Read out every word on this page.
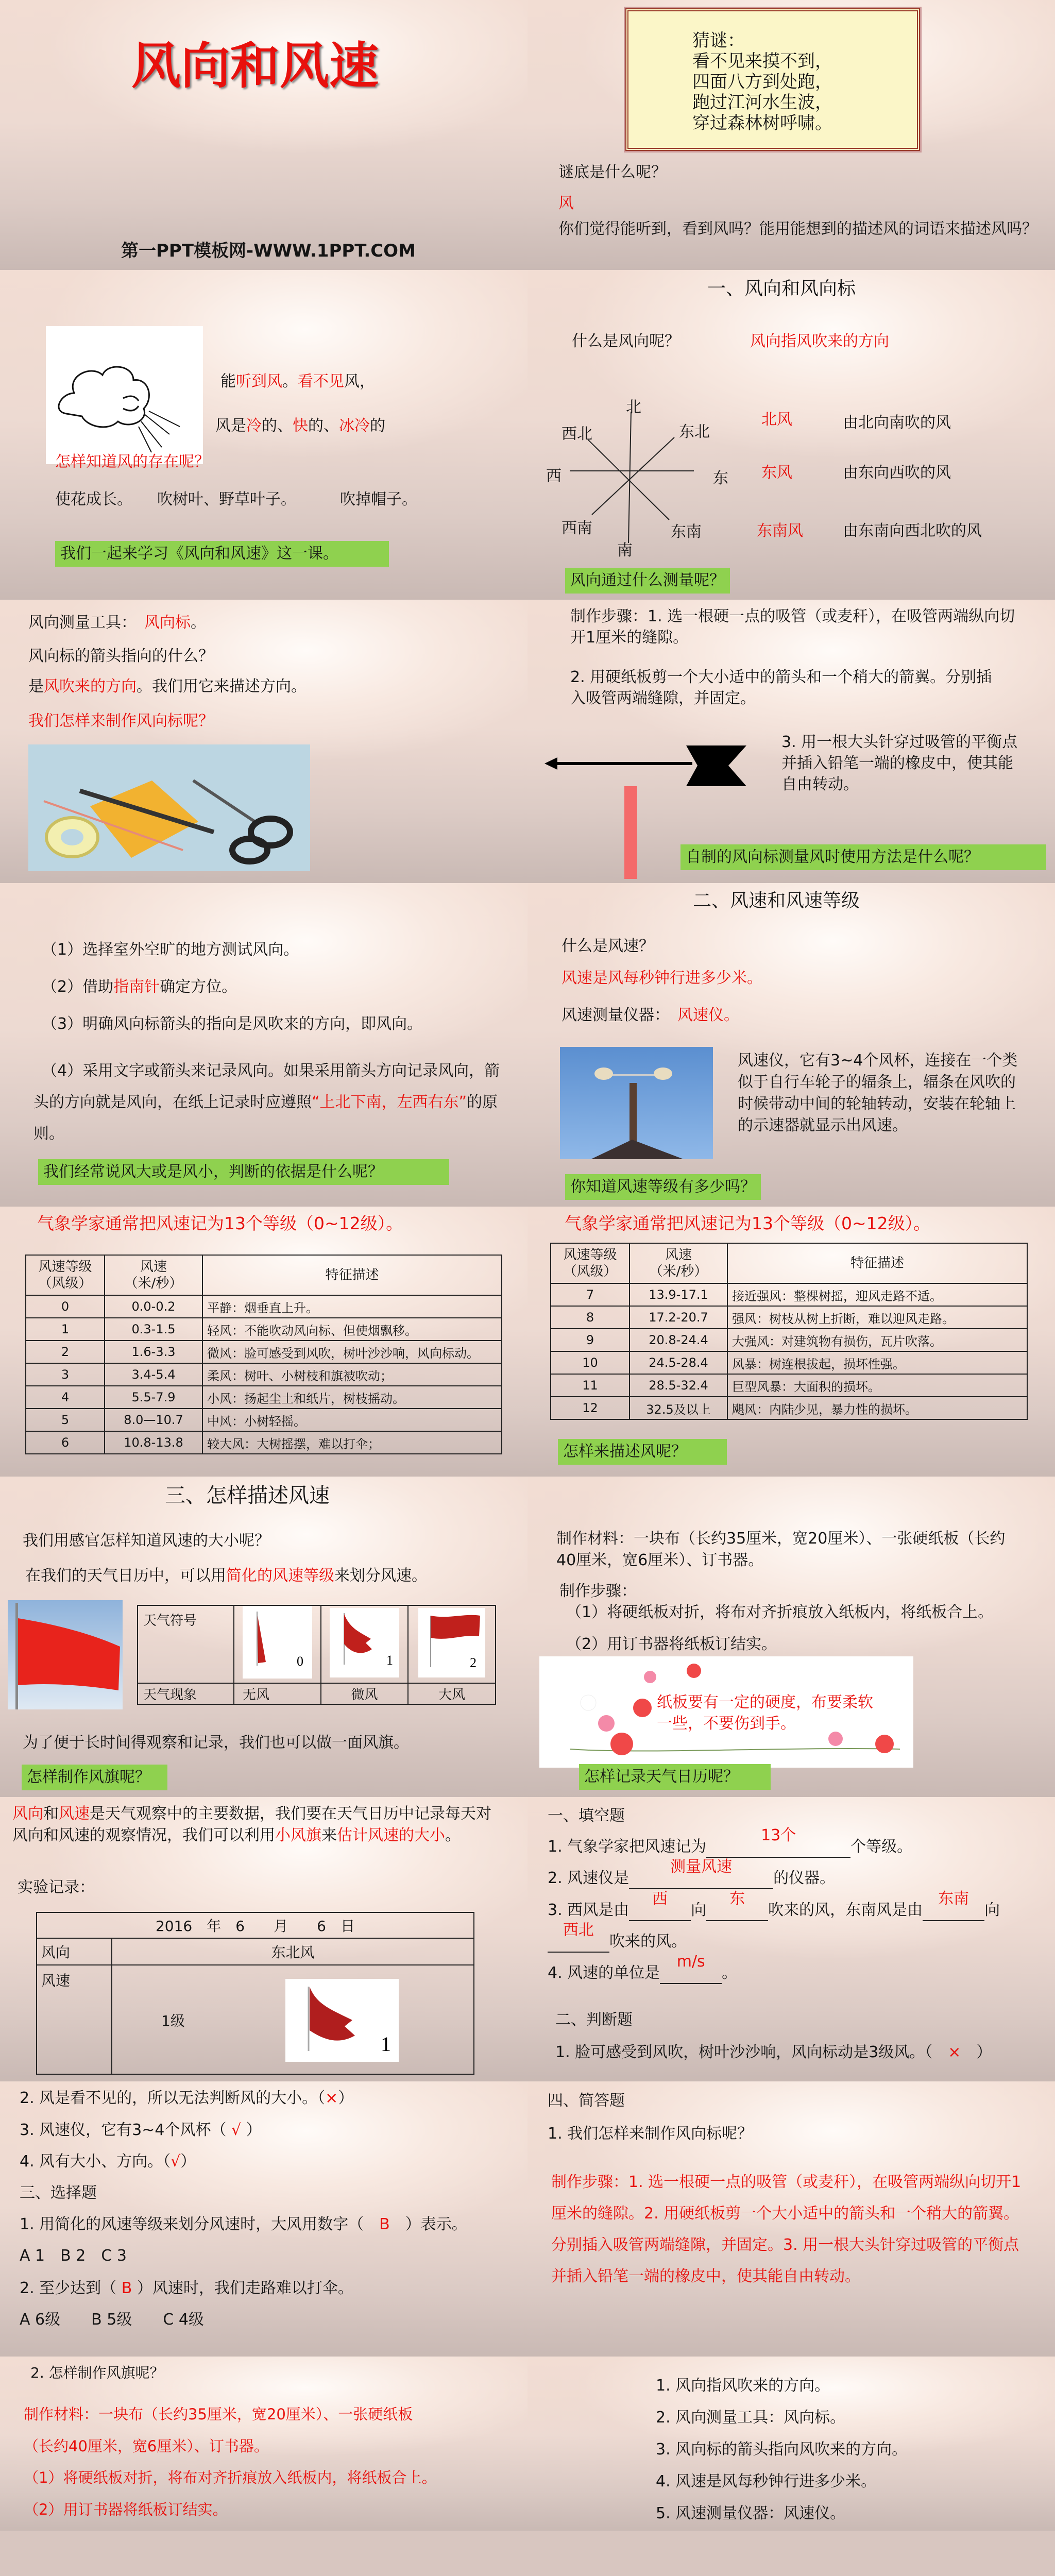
风向和风速
第一PPT模板网-WWW.1PPT.COM
猜谜：
看不见来摸不到，
四面八方到处跑，
跑过江河水生波，
穿过森林树呼啸。
谜底是什么呢？
风
你们觉得能听到，看到风吗？能用能想到的描述风的词语来描述风吗？
能听到风。看不见风，
风是冷的、快的、冰冷的
怎样知道风的存在呢？
使花成长。 吹树叶、野草叶子。	吹掉帽子。
我们一起来学习《风向和风速》这一课。
一、风向和风向标
什么是风向呢？	风向指风吹来的方向
北
西北	东北
西	东
西南	东南
南
北风	由北向南吹的风
东风	由东向西吹的风
东南风	由东南向西北吹的风
风向通过什么测量呢？
风向测量工具：　风向标。
风向标的箭头指向的什么？
是风吹来的方向。我们用它来描述方向。
我们怎样来制作风向标呢？
制作步骤：1. 选一根硬一点的吸管（或麦秆），在吸管两端纵向切开1厘米的缝隙。
2. 用硬纸板剪一个大小适中的箭头和一个稍大的箭翼。分别插入吸管两端缝隙，并固定。
3. 用一根大头针穿过吸管的平衡点并插入铅笔一端的橡皮中，使其能自由转动。
自制的风向标测量风时使用方法是什么呢？
（1）选择室外空旷的地方测试风向。
（2）借助指南针确定方位。
（3）明确风向标箭头的指向是风吹来的方向，即风向。
（4）采用文字或箭头来记录风向。如果采用箭头方向记录风向，箭头的方向就是风向，在纸上记录时应遵照“上北下南，左西右东”的原则。
我们经常说风大或是风小，判断的依据是什么呢？
二、风速和风速等级
什么是风速？
风速是风每秒钟行进多少米。
风速测量仪器：　风速仪。
风速仪，它有3~4个风杯，连接在一个类似于自行车轮子的辐条上，辐条在风吹的时候带动中间的轮轴转动，安装在轮轴上的示速器就显示出风速。
你知道风速等级有多少吗？
气象学家通常把风速记为13个等级（0~12级）。
风速等级
（风级）	风速
（米/秒）	特征描述
0	0.0-0.2	平静：烟垂直上升。
1	0.3-1.5	轻风：不能吹动风向标、但使烟飘移。
2	1.6-3.3	微风：脸可感受到风吹，树叶沙沙响，风向标动。
3	3.4-5.4	柔风：树叶、小树枝和旗被吹动；
4	5.5-7.9	小风：扬起尘土和纸片，树枝摇动。
5	8.0—10.7	中风：小树轻摇。
6	10.8-13.8	较大风：大树摇摆，难以打伞；
气象学家通常把风速记为13个等级（0~12级）。
风速等级
（风级）	风速
（米/秒）	特征描述
7	13.9-17.1	接近强风：整棵树摇，迎风走路不适。
8	17.2-20.7	强风：树枝从树上折断，难以迎风走路。
9	20.8-24.4	大强风：对建筑物有损伤，瓦片吹落。
10	24.5-28.4	风暴：树连根拔起，损坏性强。
11	28.5-32.4	巨型风暴：大面积的损坏。
12	32.5及以上	飓风：内陆少见，暴力性的损坏。
怎样来描述风呢？
三、怎样描述风速
我们用感官怎样知道风速的大小呢？
在我们的天气日历中，可以用简化的风速等级来划分风速。
天气符号	0	1	2

天气现象	无风	微风	大风
为了便于长时间得观察和记录，我们也可以做一面风旗。
怎样制作风旗呢？
制作材料：一块布（长约35厘米，宽20厘米）、一张硬纸板（长约40厘米，宽6厘米）、订书器。
制作步骤：
（1）将硬纸板对折，将布对齐折痕放入纸板内，将纸板合上。
（2）用订书器将纸板订结实。
纸板要有一定的硬度，布要柔软一些，不要伤到手。
怎样记录天气日历呢？
风向和风速是天气观察中的主要数据，我们要在天气日历中记录每天对风向和风速的观察情况，我们可以利用小风旗来估计风速的大小。
实验记录：
2016　 年　 6　　 月　　 6　 日	
风向	东北风
风速	1级
1
一、填空题
1. 气象学家把风速记为13个个等级。
2. 风速仪是测量风速的仪器。
3. 西风是由西向东吹来的风，东南风是由东南向
西北吹来的风。
4. 风速的单位是m/s。
二、判断题
1. 脸可感受到风吹，树叶沙沙响，风向标动是3级风。（　×　）
2. 风是看不见的，所以无法判断风的大小。（×）
3. 风速仪，它有3~4个风杯（ √ ）
4. 风有大小、方向。（√）
三、选择题
1. 用简化的风速等级来划分风速时，大风用数字（　B　）表示。
A 1　B 2　C 3
2. 至少达到（ B ）风速时，我们走路难以打伞。
A 6级　　B 5级　　C 4级
四、简答题
1. 我们怎样来制作风向标呢？
制作步骤：1. 选一根硬一点的吸管（或麦秆），在吸管两端纵向切开1厘米的缝隙。2. 用硬纸板剪一个大小适中的箭头和一个稍大的箭翼。分别插入吸管两端缝隙，并固定。3. 用一根大头针穿过吸管的平衡点并插入铅笔一端的橡皮中，使其能自由转动。
2. 怎样制作风旗呢？
制作材料：一块布（长约35厘米，宽20厘米）、一张硬纸板
（长约40厘米，宽6厘米）、订书器。
（1）将硬纸板对折，将布对齐折痕放入纸板内，将纸板合上。
（2）用订书器将纸板订结实。
1. 风向指风吹来的方向。
2. 风向测量工具：风向标。
3. 风向标的箭头指向风吹来的方向。
4. 风速是风每秒钟行进多少米。
5. 风速测量仪器：风速仪。
